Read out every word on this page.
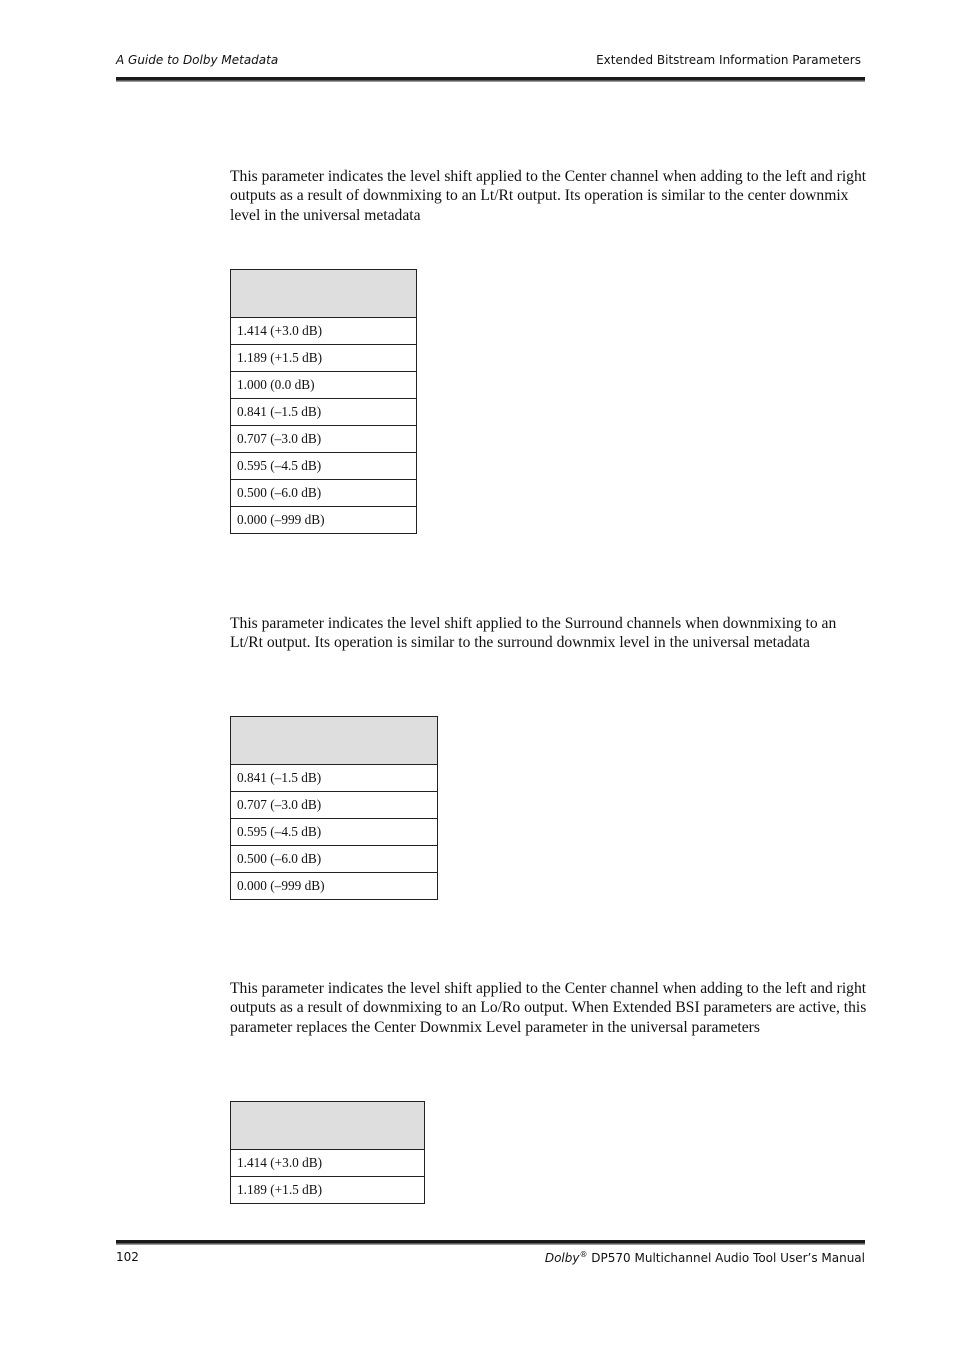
A Guide to Dolby Metadata	Extended Bitstream Information Parameters

This parameter indicates the level shift applied to the Center channel when adding to the left and right outputs as a result of downmixing to an Lt/Rt output. Its operation is similar to the center downmix level in the universal metadata

1.414 (+3.0 dB)
1.189 (+1.5 dB)
1.000 (0.0 dB)
0.841 (–1.5 dB)
0.707 (–3.0 dB)
0.595 (–4.5 dB)
0.500 (–6.0 dB)
0.000 (–999 dB)

This parameter indicates the level shift applied to the Surround channels when downmixing to an Lt/Rt output. Its operation is similar to the surround downmix level in the universal metadata

0.841 (–1.5 dB)
0.707 (–3.0 dB)
0.595 (–4.5 dB)
0.500 (–6.0 dB)
0.000 (–999 dB)

This parameter indicates the level shift applied to the Center channel when adding to the left and right outputs as a result of downmixing to an Lo/Ro output. When Extended BSI parameters are active, this parameter replaces the Center Downmix Level parameter in the universal parameters

1.414 (+3.0 dB)
1.189 (+1.5 dB)
102	Dolby® DP570 Multichannel Audio Tool User’s Manual
